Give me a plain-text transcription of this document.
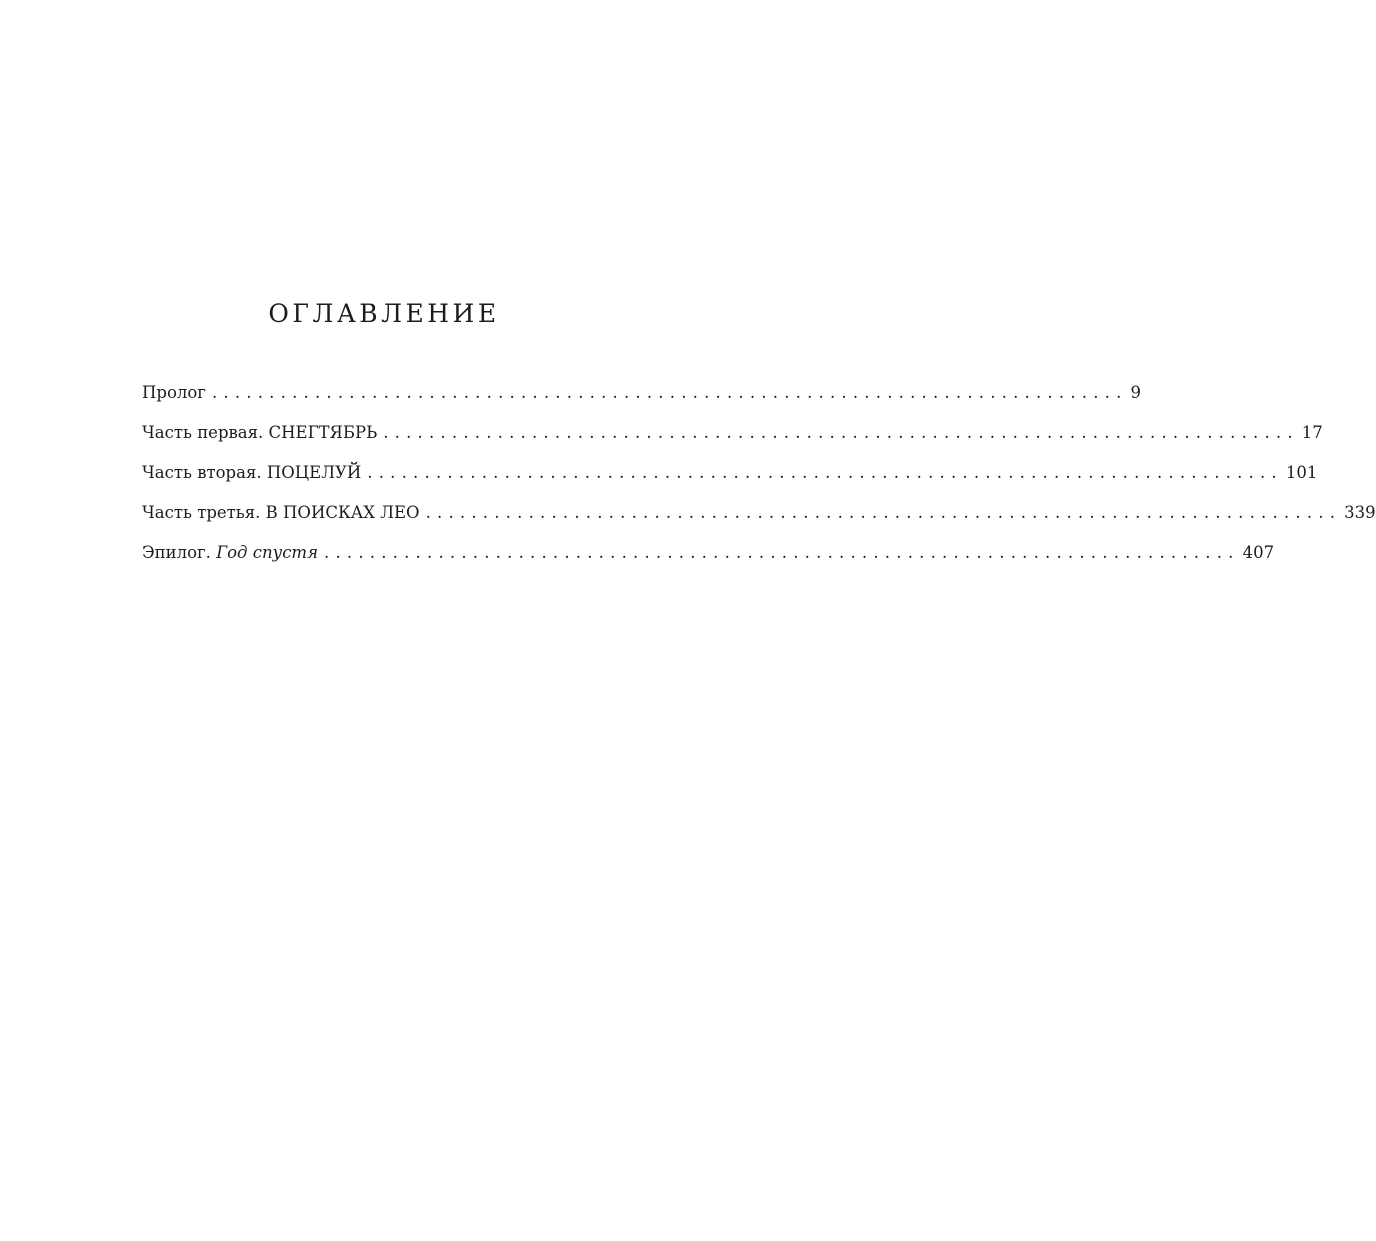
ОГЛАВЛЕНИЕ
Пролог ................................................................................ 9
Часть первая. СНЕГТЯБРЬ ................................................................................ 17
Часть вторая. ПОЦЕЛУЙ ................................................................................ 101
Часть третья. В ПОИСКАХ ЛЕО ................................................................................ 339
Эпилог. Год спустя ................................................................................ 407
